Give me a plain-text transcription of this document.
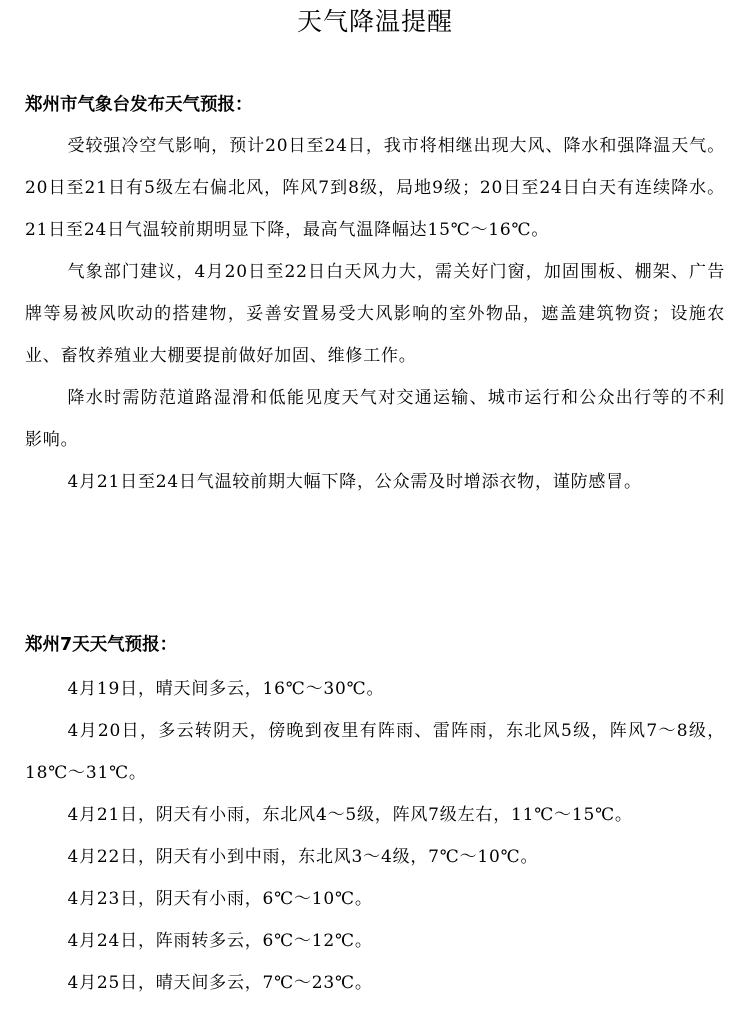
天气降温提醒
郑州市气象台发布天气预报：

受较强冷空气影响，预计20日至24日，我市将相继出现大风、降水和强降温天气。20日至21日有5级左右偏北风，阵风7到8级，局地9级；20日至24日白天有连续降水。21日至24日气温较前期明显下降，最高气温降幅达15℃～16℃。

气象部门建议，4月20日至22日白天风力大，需关好门窗，加固围板、棚架、广告牌等易被风吹动的搭建物，妥善安置易受大风影响的室外物品，遮盖建筑物资；设施农业、畜牧养殖业大棚要提前做好加固、维修工作。

降水时需防范道路湿滑和低能见度天气对交通运输、城市运行和公众出行等的不利影响。

4月21日至24日气温较前期大幅下降，公众需及时增添衣物，谨防感冒。

郑州7天天气预报：

4月19日，晴天间多云，16℃～30℃。

4月20日，多云转阴天，傍晚到夜里有阵雨、雷阵雨，东北风5级，阵风7～8级，18℃～31℃。

4月21日，阴天有小雨，东北风4～5级，阵风7级左右，11℃～15℃。

4月22日，阴天有小到中雨，东北风3～4级，7℃～10℃。

4月23日，阴天有小雨，6℃～10℃。

4月24日，阵雨转多云，6℃～12℃。

4月25日，晴天间多云，7℃～23℃。
